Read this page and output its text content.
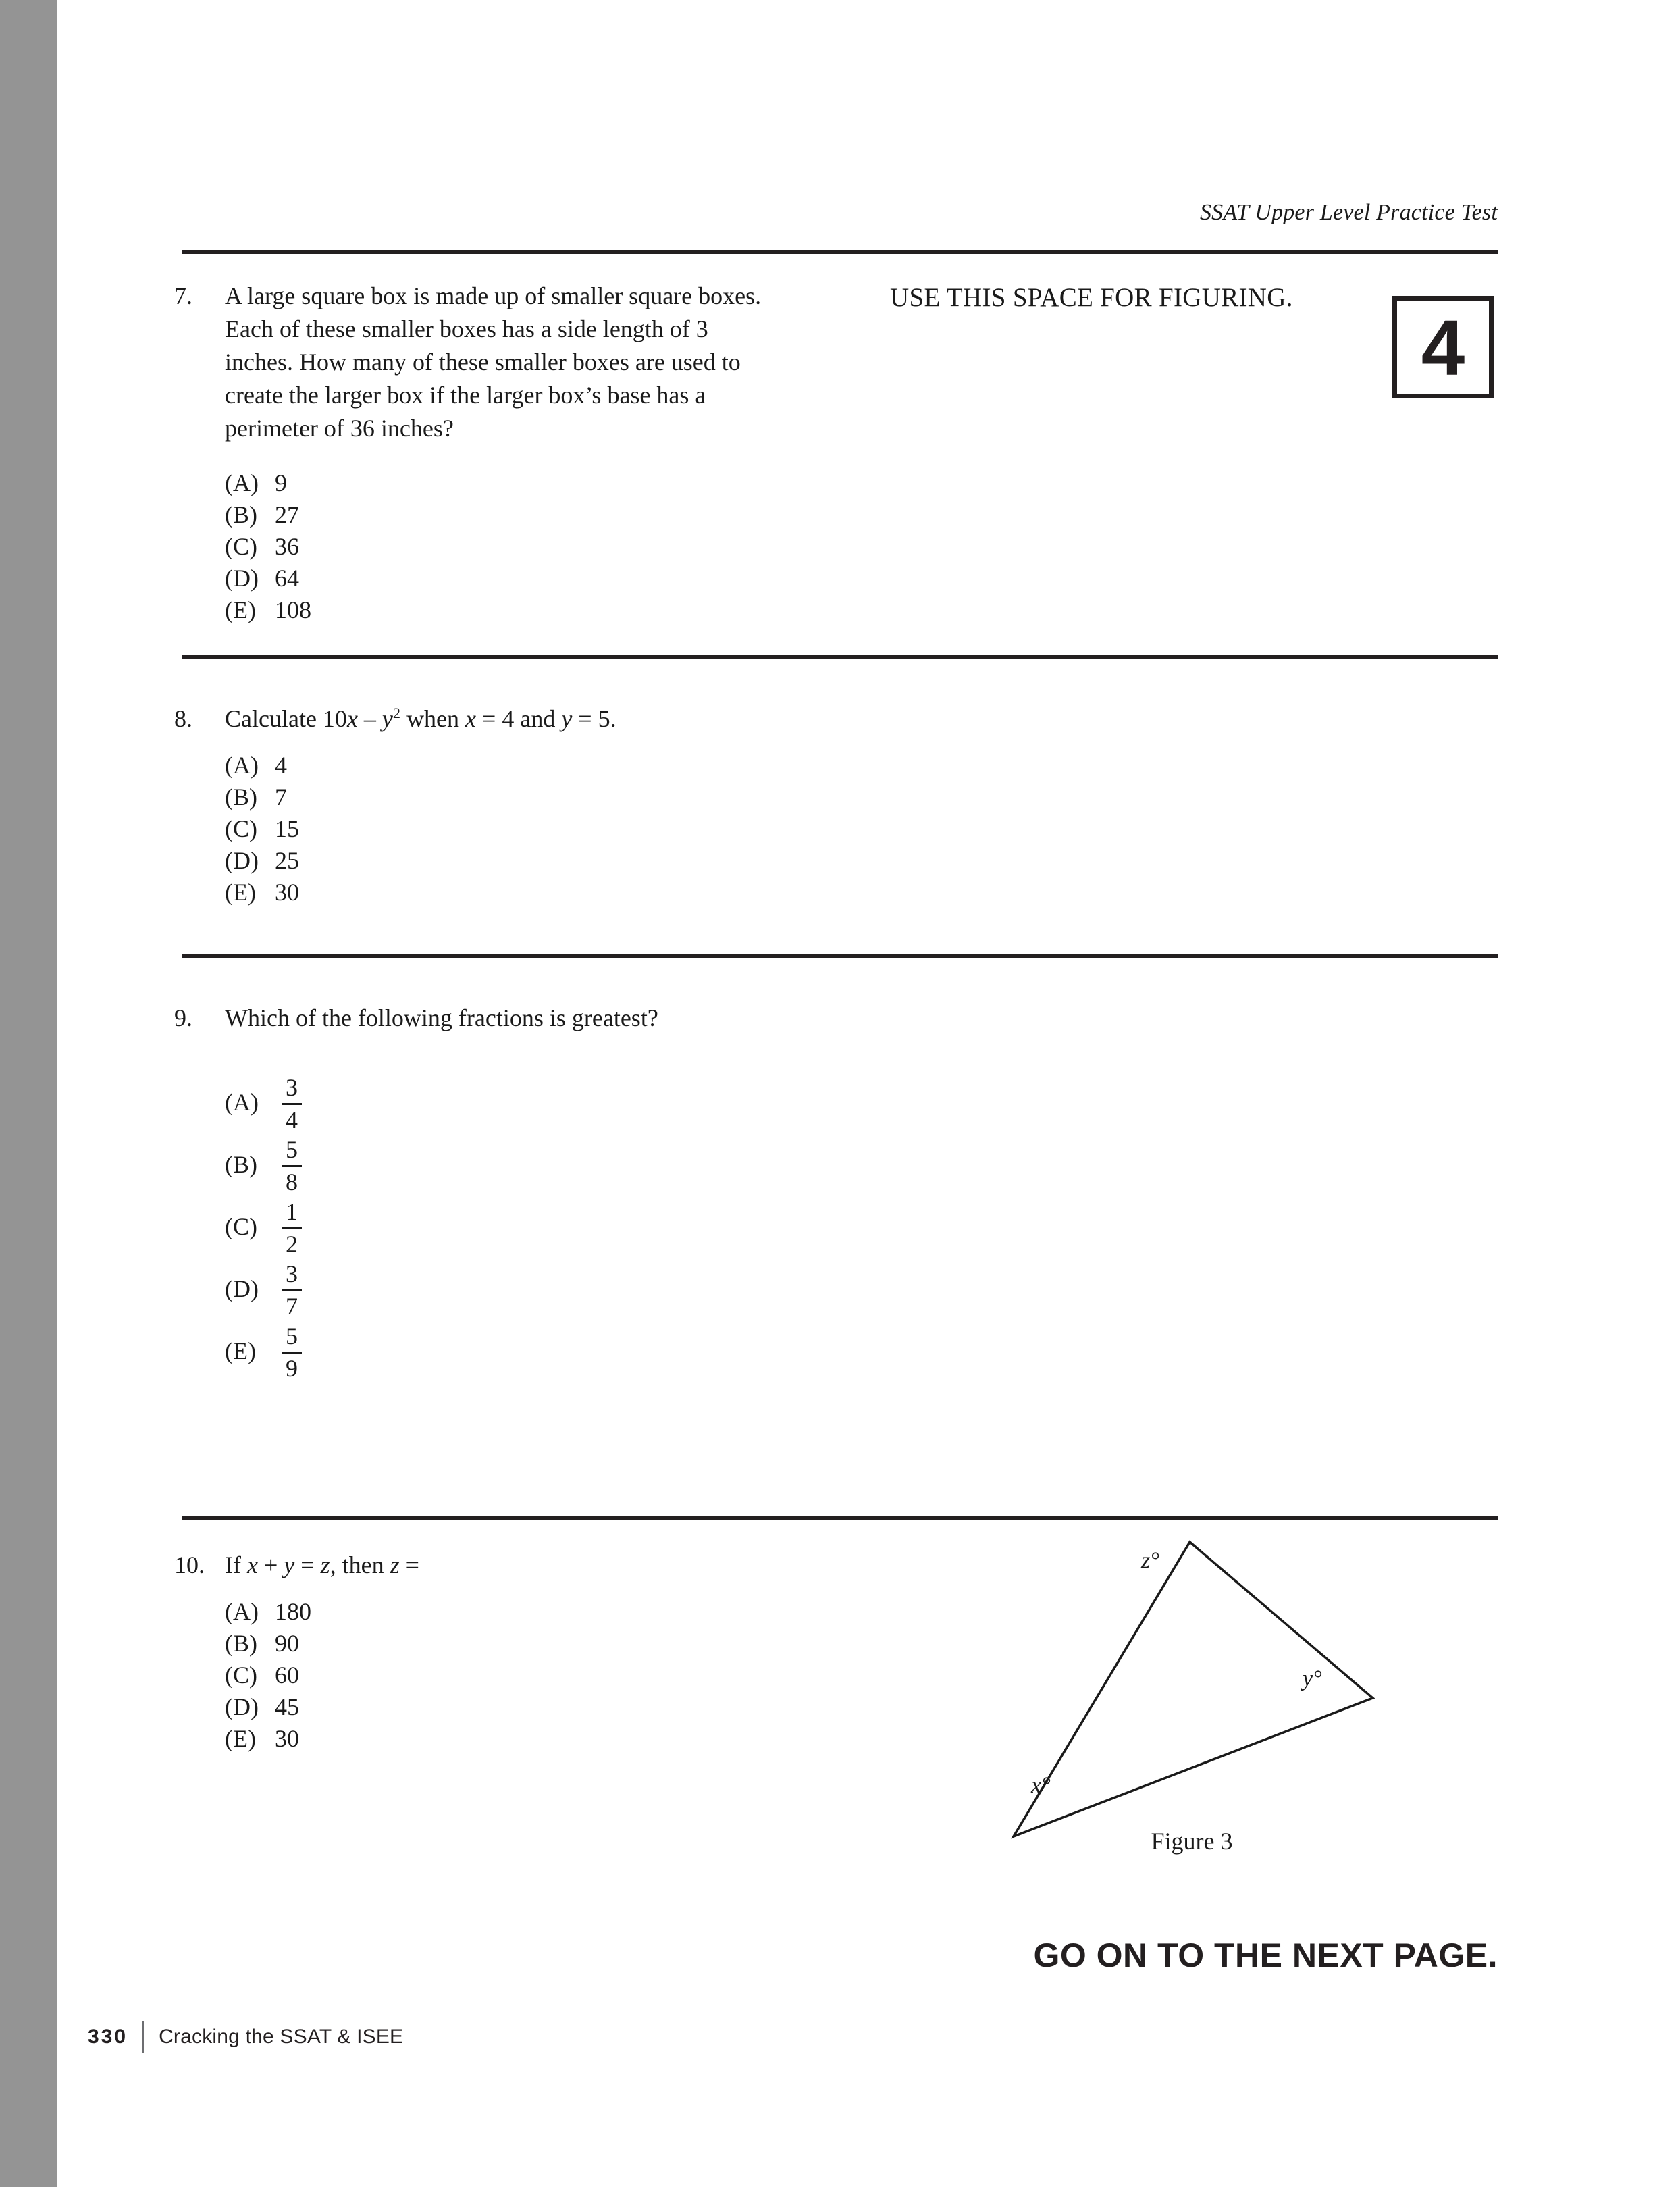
SSAT Upper Level Practice Test
USE THIS SPACE FOR FIGURING.
4
7. A large square box is made up of smaller square boxes. Each of these smaller boxes has a side length of 3 inches. How many of these smaller boxes are used to create the larger box if the larger box’s base has a perimeter of 36 inches?
(A) 9
(B) 27
(C) 36
(D) 64
(E) 108
8. Calculate $10x - y^2$ when x = 4 and y = 5.
(A) 4
(B) 7
(C) 15
(D) 25
(E) 30
9. Which of the following fractions is greatest?
(A)
3
4
(B)
5
8
(C)
1
2
(D)
3
7
(E)
5
9
10. If x + y = z, then z =
(A) 180
(B) 90
(C) 60
(D) 45
(E) 30
z°
y°
x°
Figure 3
GO ON TO THE NEXT PAGE.
330 Cracking the SSAT & ISEE
